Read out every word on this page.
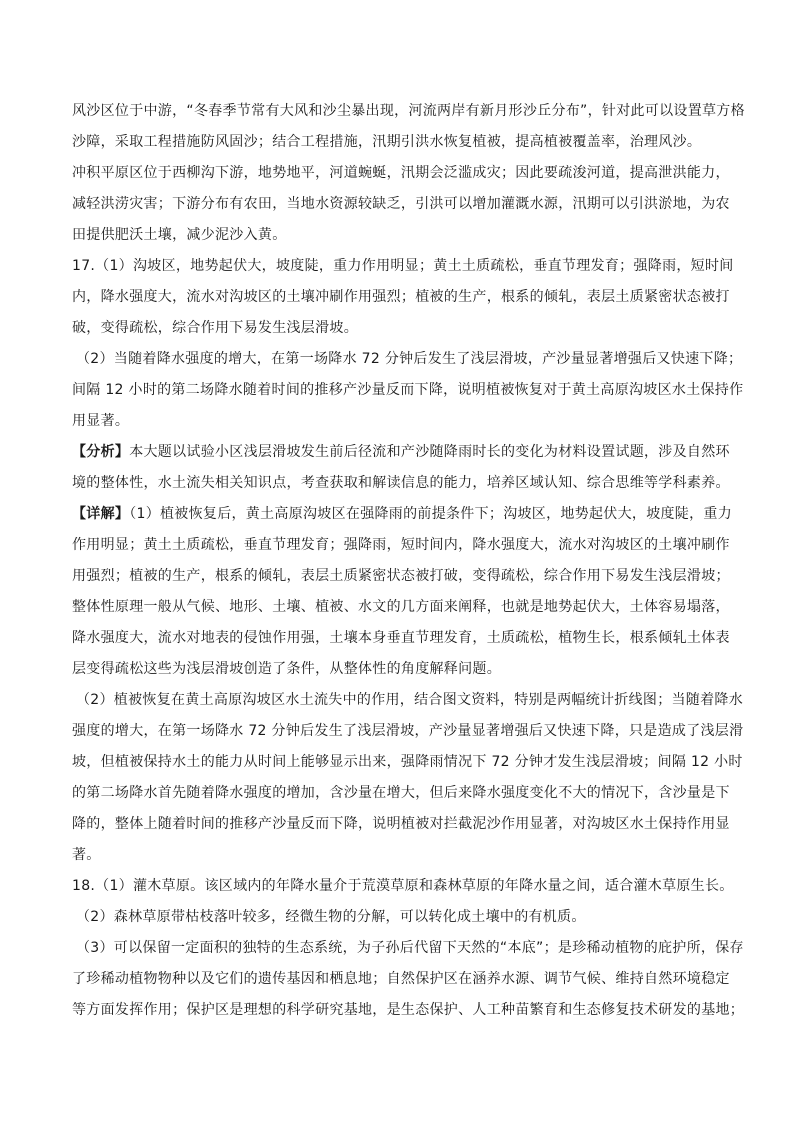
风沙区位于中游，“冬春季节常有大风和沙尘暴出现，河流两岸有新月形沙丘分布”，针对此可以设置草方格
沙障，采取工程措施防风固沙；结合工程措施，汛期引洪水恢复植被，提高植被覆盖率，治理风沙。
冲积平原区位于西柳沟下游，地势地平，河道蜿蜒，汛期会泛滥成灾；因此要疏浚河道，提高泄洪能力，
减轻洪涝灾害；下游分布有农田，当地水资源较缺乏，引洪可以增加灌溉水源，汛期可以引洪淤地，为农
田提供肥沃土壤，减少泥沙入黄。
17.（1）沟坡区，地势起伏大，坡度陡，重力作用明显；黄土土质疏松，垂直节理发育；强降雨，短时间
内，降水强度大，流水对沟坡区的土壤冲刷作用强烈；植被的生产，根系的倾轧，表层土质紧密状态被打
破，变得疏松，综合作用下易发生浅层滑坡。
（2）当随着降水强度的增大，在第一场降水 72 分钟后发生了浅层滑坡，产沙量显著增强后又快速下降；
间隔 12 小时的第二场降水随着时间的推移产沙量反而下降，说明植被恢复对于黄土高原沟坡区水土保持作
用显著。
【分析】本大题以试验小区浅层滑坡发生前后径流和产沙随降雨时长的变化为材料设置试题，涉及自然环
境的整体性，水土流失相关知识点，考查获取和解读信息的能力，培养区域认知、综合思维等学科素养。
【详解】（1）植被恢复后，黄土高原沟坡区在强降雨的前提条件下；沟坡区，地势起伏大，坡度陡，重力
作用明显；黄土土质疏松，垂直节理发育；强降雨，短时间内，降水强度大，流水对沟坡区的土壤冲刷作
用强烈；植被的生产，根系的倾轧，表层土质紧密状态被打破，变得疏松，综合作用下易发生浅层滑坡；
整体性原理一般从气候、地形、土壤、植被、水文的几方面来阐释，也就是地势起伏大，土体容易塌落，
降水强度大，流水对地表的侵蚀作用强，土壤本身垂直节理发育，土质疏松，植物生长，根系倾轧土体表
层变得疏松这些为浅层滑坡创造了条件，从整体性的角度解释问题。
（2）植被恢复在黄土高原沟坡区水土流失中的作用，结合图文资料，特别是两幅统计折线图；当随着降水
强度的增大，在第一场降水 72 分钟后发生了浅层滑坡，产沙量显著增强后又快速下降，只是造成了浅层滑
坡，但植被保持水土的能力从时间上能够显示出来，强降雨情况下 72 分钟才发生浅层滑坡；间隔 12 小时
的第二场降水首先随着降水强度的增加，含沙量在增大，但后来降水强度变化不大的情况下，含沙量是下
降的，整体上随着时间的推移产沙量反而下降，说明植被对拦截泥沙作用显著，对沟坡区水土保持作用显
著。
18.（1）灌木草原。该区域内的年降水量介于荒漠草原和森林草原的年降水量之间，适合灌木草原生长。
（2）森林草原带枯枝落叶较多，经微生物的分解，可以转化成土壤中的有机质。
（3）可以保留一定面积的独特的生态系统，为子孙后代留下天然的“本底”；是珍稀动植物的庇护所，保存
了珍稀动植物物种以及它们的遗传基因和栖息地；自然保护区在涵养水源、调节气候、维持自然环境稳定
等方面发挥作用；保护区是理想的科学研究基地，是生态保护、人工种苗繁育和生态修复技术研发的基地；
